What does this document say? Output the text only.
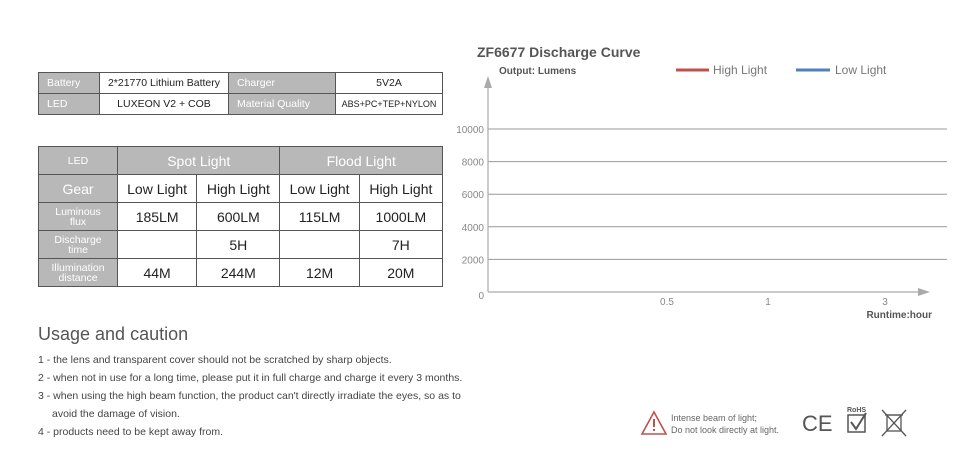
Battery	2*21770 Lithium Battery	Charger	5V2A
LED	LUXEON V2 + COB	Material Quality	ABS+PC+TEP+NYLON
LED	Spot Light		Flood Light	
Gear	Low Light	High Light	Low Light	High Light
Luminous
flux	185LM	600LM	115LM	1000LM
Discharge
time		5H		7H
Illumination
distance	44M	244M	12M	20M
Usage and caution
1 - the lens and transparent cover should not be scratched by sharp objects.
2 - when not in use for a long time, please put it in full charge and charge it every 3 months.
3 - when using the high beam function, the product can't directly irradiate the eyes, so as to
avoid the damage of vision.
4 - products need to be kept away from.
ZF6677 Discharge Curve
Output: Lumens	High Light	Low Light
0
2000
4000
6000
8000
10000
0.5	1	3
Runtime:hour
Intense beam of light;
Do not look directly at light. CE
RoHS
